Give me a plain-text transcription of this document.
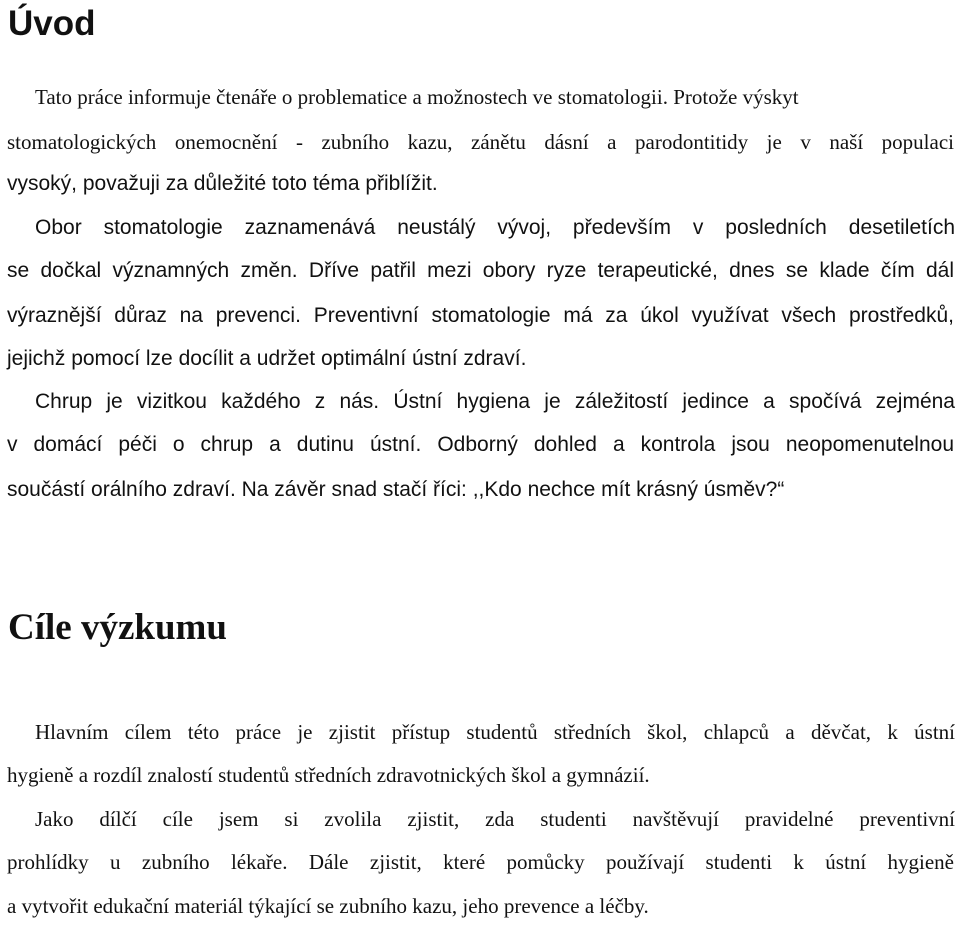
Úvod

Tato práce informuje čtenáře o problematice a možnostech ve stomatologii. Protože výskyt

stomatologických onemocnění - zubního kazu, zánětu dásní a parodontitidy je v naší populaci

vysoký, považuji za důležité toto téma přiblížit.

Obor stomatologie zaznamenává neustálý vývoj, především v posledních desetiletích

se dočkal významných změn. Dříve patřil mezi obory ryze terapeutické, dnes se klade čím dál

výraznější důraz na prevenci. Preventivní stomatologie má za úkol využívat všech prostředků,

jejichž pomocí lze docílit a udržet optimální ústní zdraví.

Chrup je vizitkou každého z nás. Ústní hygiena je záležitostí jedince a spočívá zejména

v domácí péči o chrup a dutinu ústní. Odborný dohled a kontrola jsou neopomenutelnou

součástí orálního zdraví. Na závěr snad stačí říci: ,,Kdo nechce mít krásný úsměv?“

Cíle výzkumu

Hlavním cílem této práce je zjistit přístup studentů středních škol, chlapců a děvčat, k ústní

hygieně a rozdíl znalostí studentů středních zdravotnických škol a gymnázií.

Jako dílčí cíle jsem si zvolila zjistit, zda studenti navštěvují pravidelné preventivní

prohlídky u zubního lékaře. Dále zjistit, které pomůcky používají studenti k ústní hygieně

a vytvořit edukační materiál týkající se zubního kazu, jeho prevence a léčby.
